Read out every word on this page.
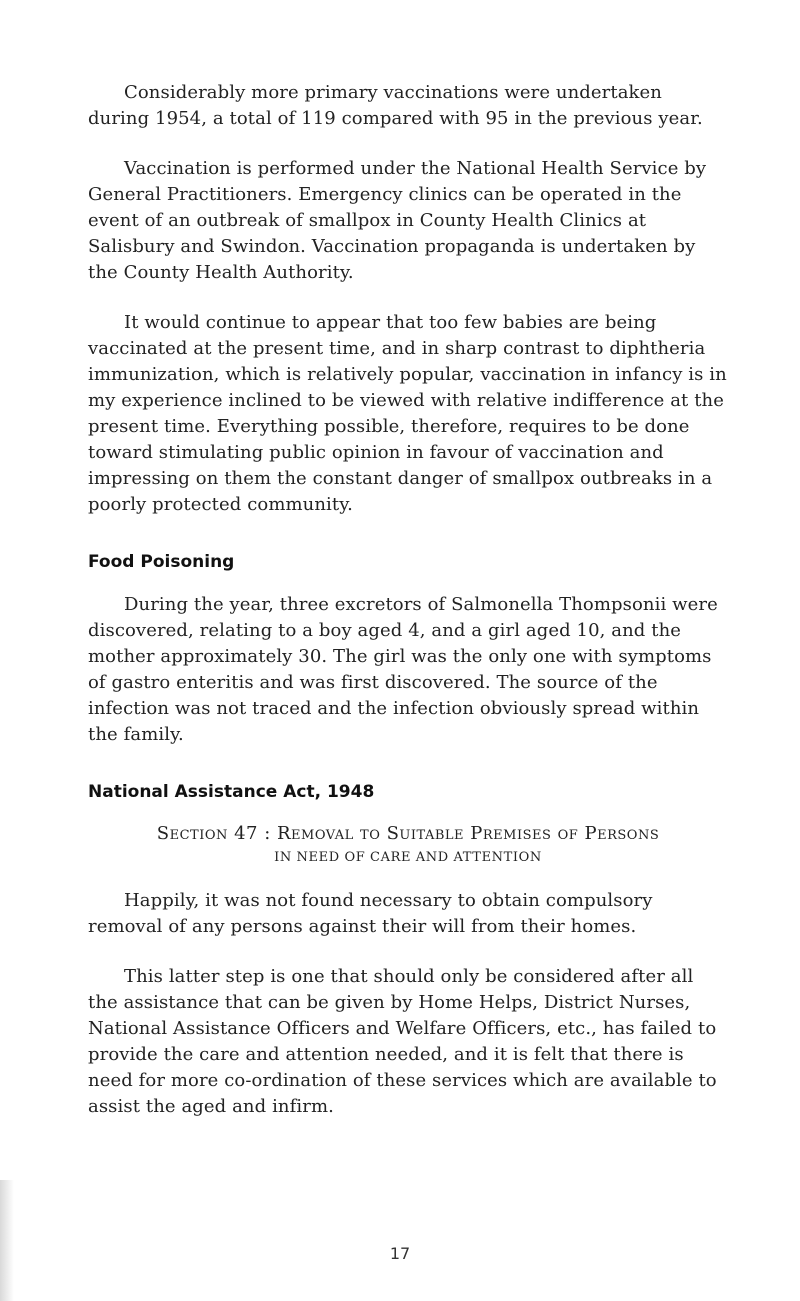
Considerably more primary vaccinations were undertaken during 1954, a total of 119 compared with 95 in the previous year.

Vaccination is performed under the National Health Service by General Practitioners. Emergency clinics can be operated in the event of an outbreak of smallpox in County Health Clinics at Salisbury and Swindon. Vaccination propaganda is undertaken by the County Health Authority.

It would continue to appear that too few babies are being vaccinated at the present time, and in sharp contrast to diphtheria immunization, which is relatively popular, vaccination in infancy is in my experience inclined to be viewed with relative indifference at the present time. Everything possible, therefore, requires to be done toward stimulating public opinion in favour of vaccination and impressing on them the constant danger of smallpox outbreaks in a poorly protected community.

Food Poisoning

During the year, three excretors of Salmonella Thompsonii were discovered, relating to a boy aged 4, and a girl aged 10, and the mother approximately 30. The girl was the only one with symptoms of gastro enteritis and was first discovered. The source of the infection was not traced and the infection obviously spread within the family.

National Assistance Act, 1948
Section 47 : Removal to Suitable Premises of Persons
IN NEED OF CARE AND ATTENTION

Happily, it was not found necessary to obtain compulsory removal of any persons against their will from their homes.

This latter step is one that should only be considered after all the assistance that can be given by Home Helps, District Nurses, National Assistance Officers and Welfare Officers, etc., has failed to provide the care and attention needed, and it is felt that there is need for more co-ordination of these services which are available to assist the aged and infirm.

17
